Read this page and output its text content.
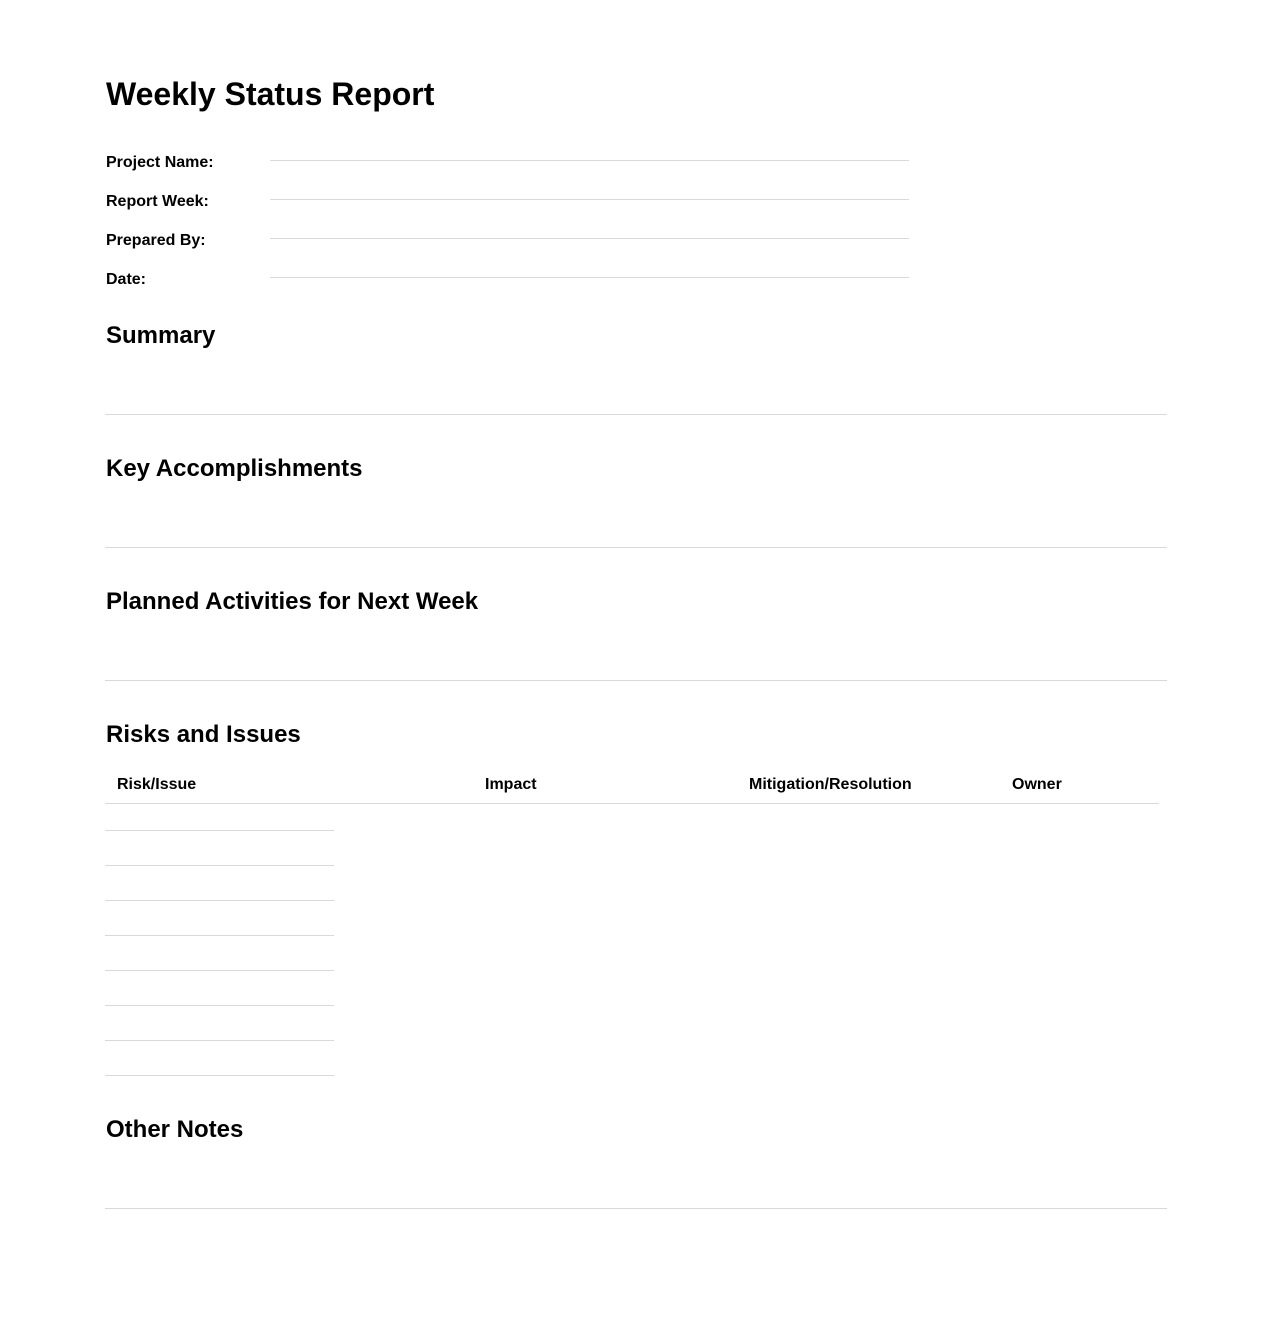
Weekly Status Report
Project Name:
Report Week:
Prepared By:
Date:
Summary
Key Accomplishments
Planned Activities for Next Week
Risks and Issues
Risk/Issue	Impact	Mitigation/Resolution	Owner
Other Notes
